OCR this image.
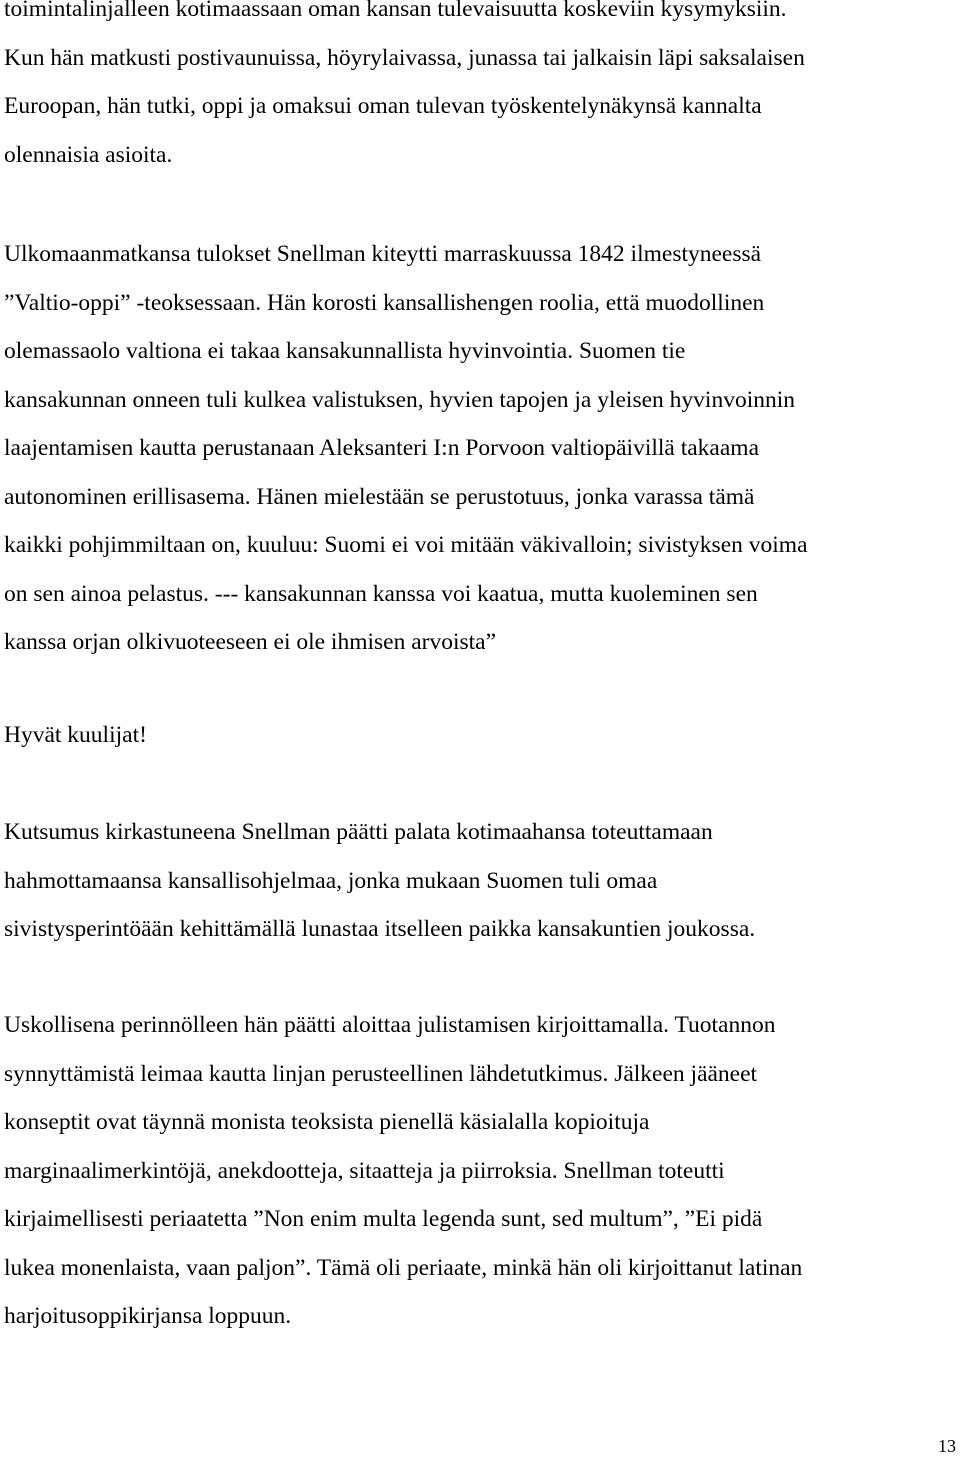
toimintalinjalleen kotimaassaan oman kansan tulevaisuutta koskeviin kysymyksiin.
Kun hän matkusti postivaunuissa, höyrylaivassa, junassa tai jalkaisin läpi saksalaisen
Euroopan, hän tutki, oppi ja omaksui oman tulevan työskentelynäkynsä kannalta
olennaisia asioita.
Ulkomaanmatkansa tulokset Snellman kiteytti marraskuussa 1842 ilmestyneessä
”Valtio-oppi” -teoksessaan. Hän korosti kansallishengen roolia, että muodollinen
olemassaolo valtiona ei takaa kansakunnallista hyvinvointia. Suomen tie
kansakunnan onneen tuli kulkea valistuksen, hyvien tapojen ja yleisen hyvinvoinnin
laajentamisen kautta perustanaan Aleksanteri I:n Porvoon valtiopäivillä takaama
autonominen erillisasema. Hänen mielestään se perustotuus, jonka varassa tämä
kaikki pohjimmiltaan on, kuuluu: Suomi ei voi mitään väkivalloin; sivistyksen voima
on sen ainoa pelastus. --- kansakunnan kanssa voi kaatua, mutta kuoleminen sen
kanssa orjan olkivuoteeseen ei ole ihmisen arvoista”
Hyvät kuulijat!
Kutsumus kirkastuneena Snellman päätti palata kotimaahansa toteuttamaan
hahmottamaansa kansallisohjelmaa, jonka mukaan Suomen tuli omaa
sivistysperintöään kehittämällä lunastaa itselleen paikka kansakuntien joukossa.
Uskollisena perinnölleen hän päätti aloittaa julistamisen kirjoittamalla. Tuotannon
synnyttämistä leimaa kautta linjan perusteellinen lähdetutkimus. Jälkeen jääneet
konseptit ovat täynnä monista teoksista pienellä käsialalla kopioituja
marginaalimerkintöjä, anekdootteja, sitaatteja ja piirroksia. Snellman toteutti
kirjaimellisesti periaatetta ”Non enim multa legenda sunt, sed multum”, ”Ei pidä
lukea monenlaista, vaan paljon”. Tämä oli periaate, minkä hän oli kirjoittanut latinan
harjoitusoppikirjansa loppuun.
13
